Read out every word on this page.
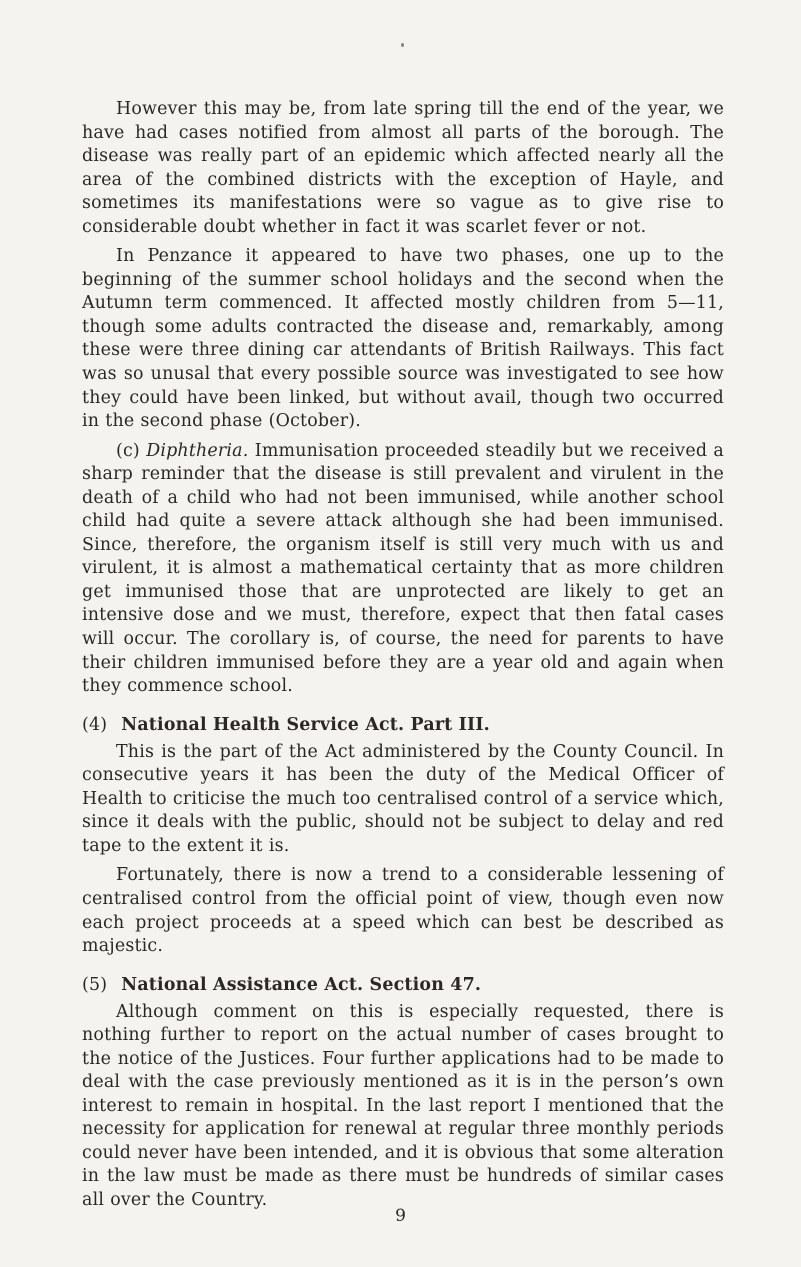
However this may be, from late spring till the end of the year, we have had cases notified from almost all parts of the borough. The disease was really part of an epidemic which affected nearly all the area of the combined districts with the exception of Hayle, and sometimes its manifestations were so vague as to give rise to considerable doubt whether in fact it was scarlet fever or not.

In Penzance it appeared to have two phases, one up to the beginning of the summer school holidays and the second when the Autumn term commenced. It affected mostly children from 5—11, though some adults contracted the disease and, remarkably, among these were three dining car attendants of British Railways. This fact was so unusal that every possible source was investigated to see how they could have been linked, but without avail, though two occurred in the second phase (October).

(c) Diphtheria. Immunisation proceeded steadily but we received a sharp reminder that the disease is still prevalent and virulent in the death of a child who had not been immunised, while another school child had quite a severe attack although she had been immunised. Since, therefore, the organism itself is still very much with us and virulent, it is almost a mathematical certainty that as more children get immunised those that are unprotected are likely to get an intensive dose and we must, therefore, expect that then fatal cases will occur. The corollary is, of course, the need for parents to have their children immunised before they are a year old and again when they commence school.

(4) National Health Service Act. Part III.

This is the part of the Act administered by the County Council. In consecutive years it has been the duty of the Medical Officer of Health to criticise the much too centralised control of a service which, since it deals with the public, should not be subject to delay and red tape to the extent it is.

Fortunately, there is now a trend to a considerable lessening of centralised control from the official point of view, though even now each project proceeds at a speed which can best be described as majestic.

(5) National Assistance Act. Section 47.

Although comment on this is especially requested, there is nothing further to report on the actual number of cases brought to the notice of the Justices. Four further applications had to be made to deal with the case previously mentioned as it is in the person’s own interest to remain in hospital. In the last report I mentioned that the necessity for application for renewal at regular three monthly periods could never have been intended, and it is obvious that some alteration in the law must be made as there must be hundreds of similar cases all over the Country.

9
